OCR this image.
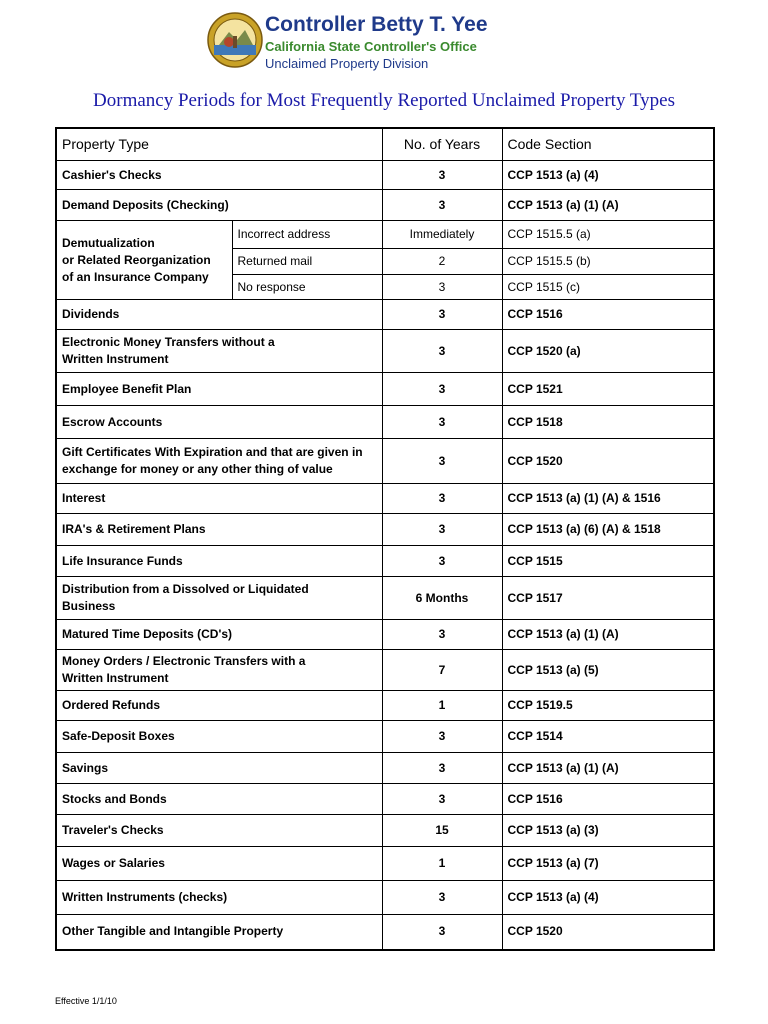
Controller Betty T. Yee
California State Controller's Office
Unclaimed Property Division
Dormancy Periods for Most Frequently Reported Unclaimed Property Types
Property Type		No. of Years	Code Section
Cashier's Checks		3	CCP 1513 (a) (4)
Demand Deposits (Checking)		3	CCP 1513 (a) (1) (A)
Demutualization
or Related Reorganization
of an Insurance Company	Incorrect address	Immediately	CCP 1515.5 (a)
	Returned mail	2	CCP 1515.5 (b)
	No response	3	CCP 1515 (c)
Dividends		3	CCP 1516
Electronic Money Transfers without a
Written Instrument		3	CCP 1520 (a)
Employee Benefit Plan		3	CCP 1521
Escrow Accounts		3	CCP 1518
Gift Certificates With Expiration and that are given in
exchange for money or any other thing of value		3	CCP 1520
Interest		3	CCP 1513 (a) (1) (A) & 1516
IRA's & Retirement Plans		3	CCP 1513 (a) (6) (A) & 1518
Life Insurance Funds		3	CCP 1515
Distribution from a Dissolved or Liquidated
Business		6 Months	CCP 1517
Matured Time Deposits (CD's)		3	CCP 1513 (a) (1) (A)
Money Orders / Electronic Transfers with a
Written Instrument		7	CCP 1513 (a) (5)
Ordered Refunds		1	CCP 1519.5
Safe-Deposit Boxes		3	CCP 1514
Savings		3	CCP 1513 (a) (1) (A)
Stocks and Bonds		3	CCP 1516
Traveler's Checks		15	CCP 1513 (a) (3)
Wages or Salaries		1	CCP 1513 (a) (7)
Written Instruments (checks)		3	CCP 1513 (a) (4)
Other Tangible and Intangible Property		3	CCP 1520
Effective 1/1/10
